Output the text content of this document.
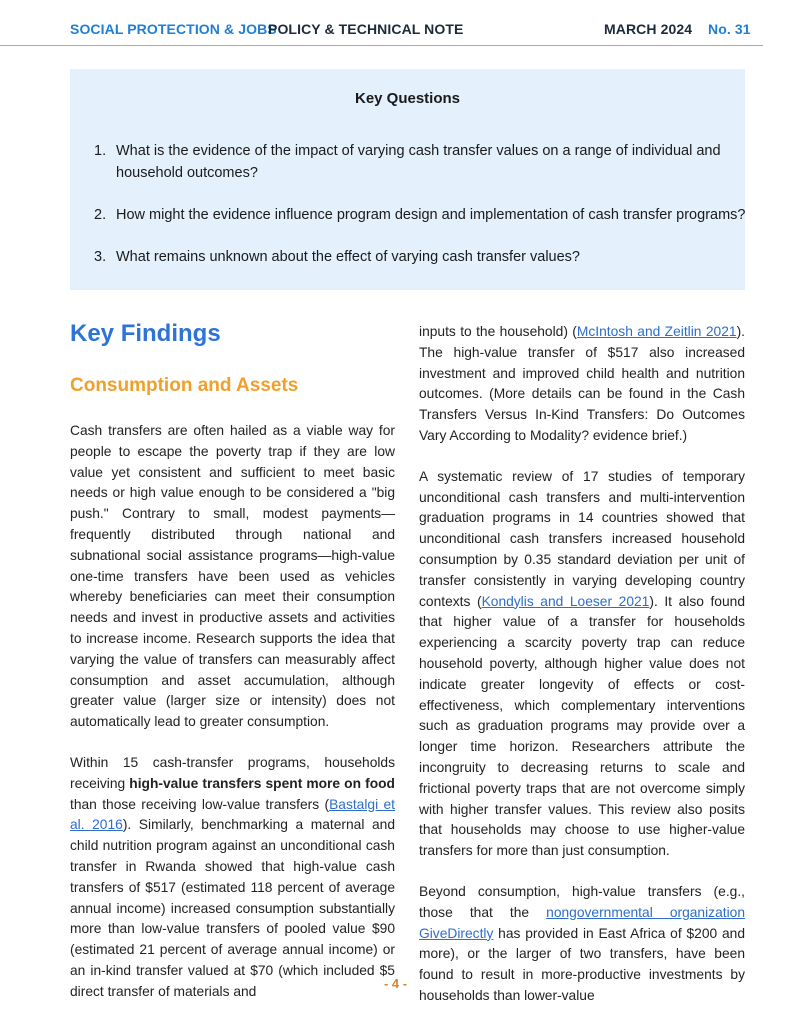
SOCIAL PROTECTION & JOBS
POLICY & TECHNICAL NOTE	MARCH 2024 No. 31
Key Questions
1. What is the evidence of the impact of varying cash transfer values on a range of individual and household outcomes?
2. How might the evidence influence program design and implementation of cash transfer programs?
3. What remains unknown about the effect of varying cash transfer values?
Key Findings
Consumption and Assets

Cash transfers are often hailed as a viable way for people to escape the poverty trap if they are low value yet consistent and sufficient to meet basic needs or high value enough to be considered a "big push." Contrary to small, modest payments—frequently distributed through national and subnational social assistance programs—high-value one-time transfers have been used as vehicles whereby beneficiaries can meet their consumption needs and invest in productive assets and activities to increase income. Research supports the idea that varying the value of transfers can measurably affect consumption and asset accumulation, although greater value (larger size or intensity) does not automatically lead to greater consumption.

Within 15 cash-transfer programs, households receiving high-value transfers spent more on food than those receiving low-value transfers (Bastalgi et al. 2016). Similarly, benchmarking a maternal and child nutrition program against an unconditional cash transfer in Rwanda showed that high-value cash transfers of $517 (estimated 118 percent of average annual income) increased consumption substantially more than low-value transfers of pooled value $90 (estimated 21 percent of average annual income) or an in-kind transfer valued at $70 (which included $5 direct transfer of materials and

inputs to the household) (McIntosh and Zeitlin 2021). The high-value transfer of $517 also increased investment and improved child health and nutrition outcomes. (More details can be found in the Cash Transfers Versus In-Kind Transfers: Do Outcomes Vary According to Modality? evidence brief.)

A systematic review of 17 studies of temporary unconditional cash transfers and multi-intervention graduation programs in 14 countries showed that unconditional cash transfers increased household consumption by 0.35 standard deviation per unit of transfer consistently in varying developing country contexts (Kondylis and Loeser 2021). It also found that higher value of a transfer for households experiencing a scarcity poverty trap can reduce household poverty, although higher value does not indicate greater longevity of effects or cost-effectiveness, which complementary interventions such as graduation programs may provide over a longer time horizon. Researchers attribute the incongruity to decreasing returns to scale and frictional poverty traps that are not overcome simply with higher transfer values. This review also posits that households may choose to use higher-value transfers for more than just consumption.

Beyond consumption, high-value transfers (e.g., those that the nongovernmental organization GiveDirectly has provided in East Africa of $200 and more), or the larger of two transfers, have been found to result in more-productive investments by households than lower-value

- 4 -
